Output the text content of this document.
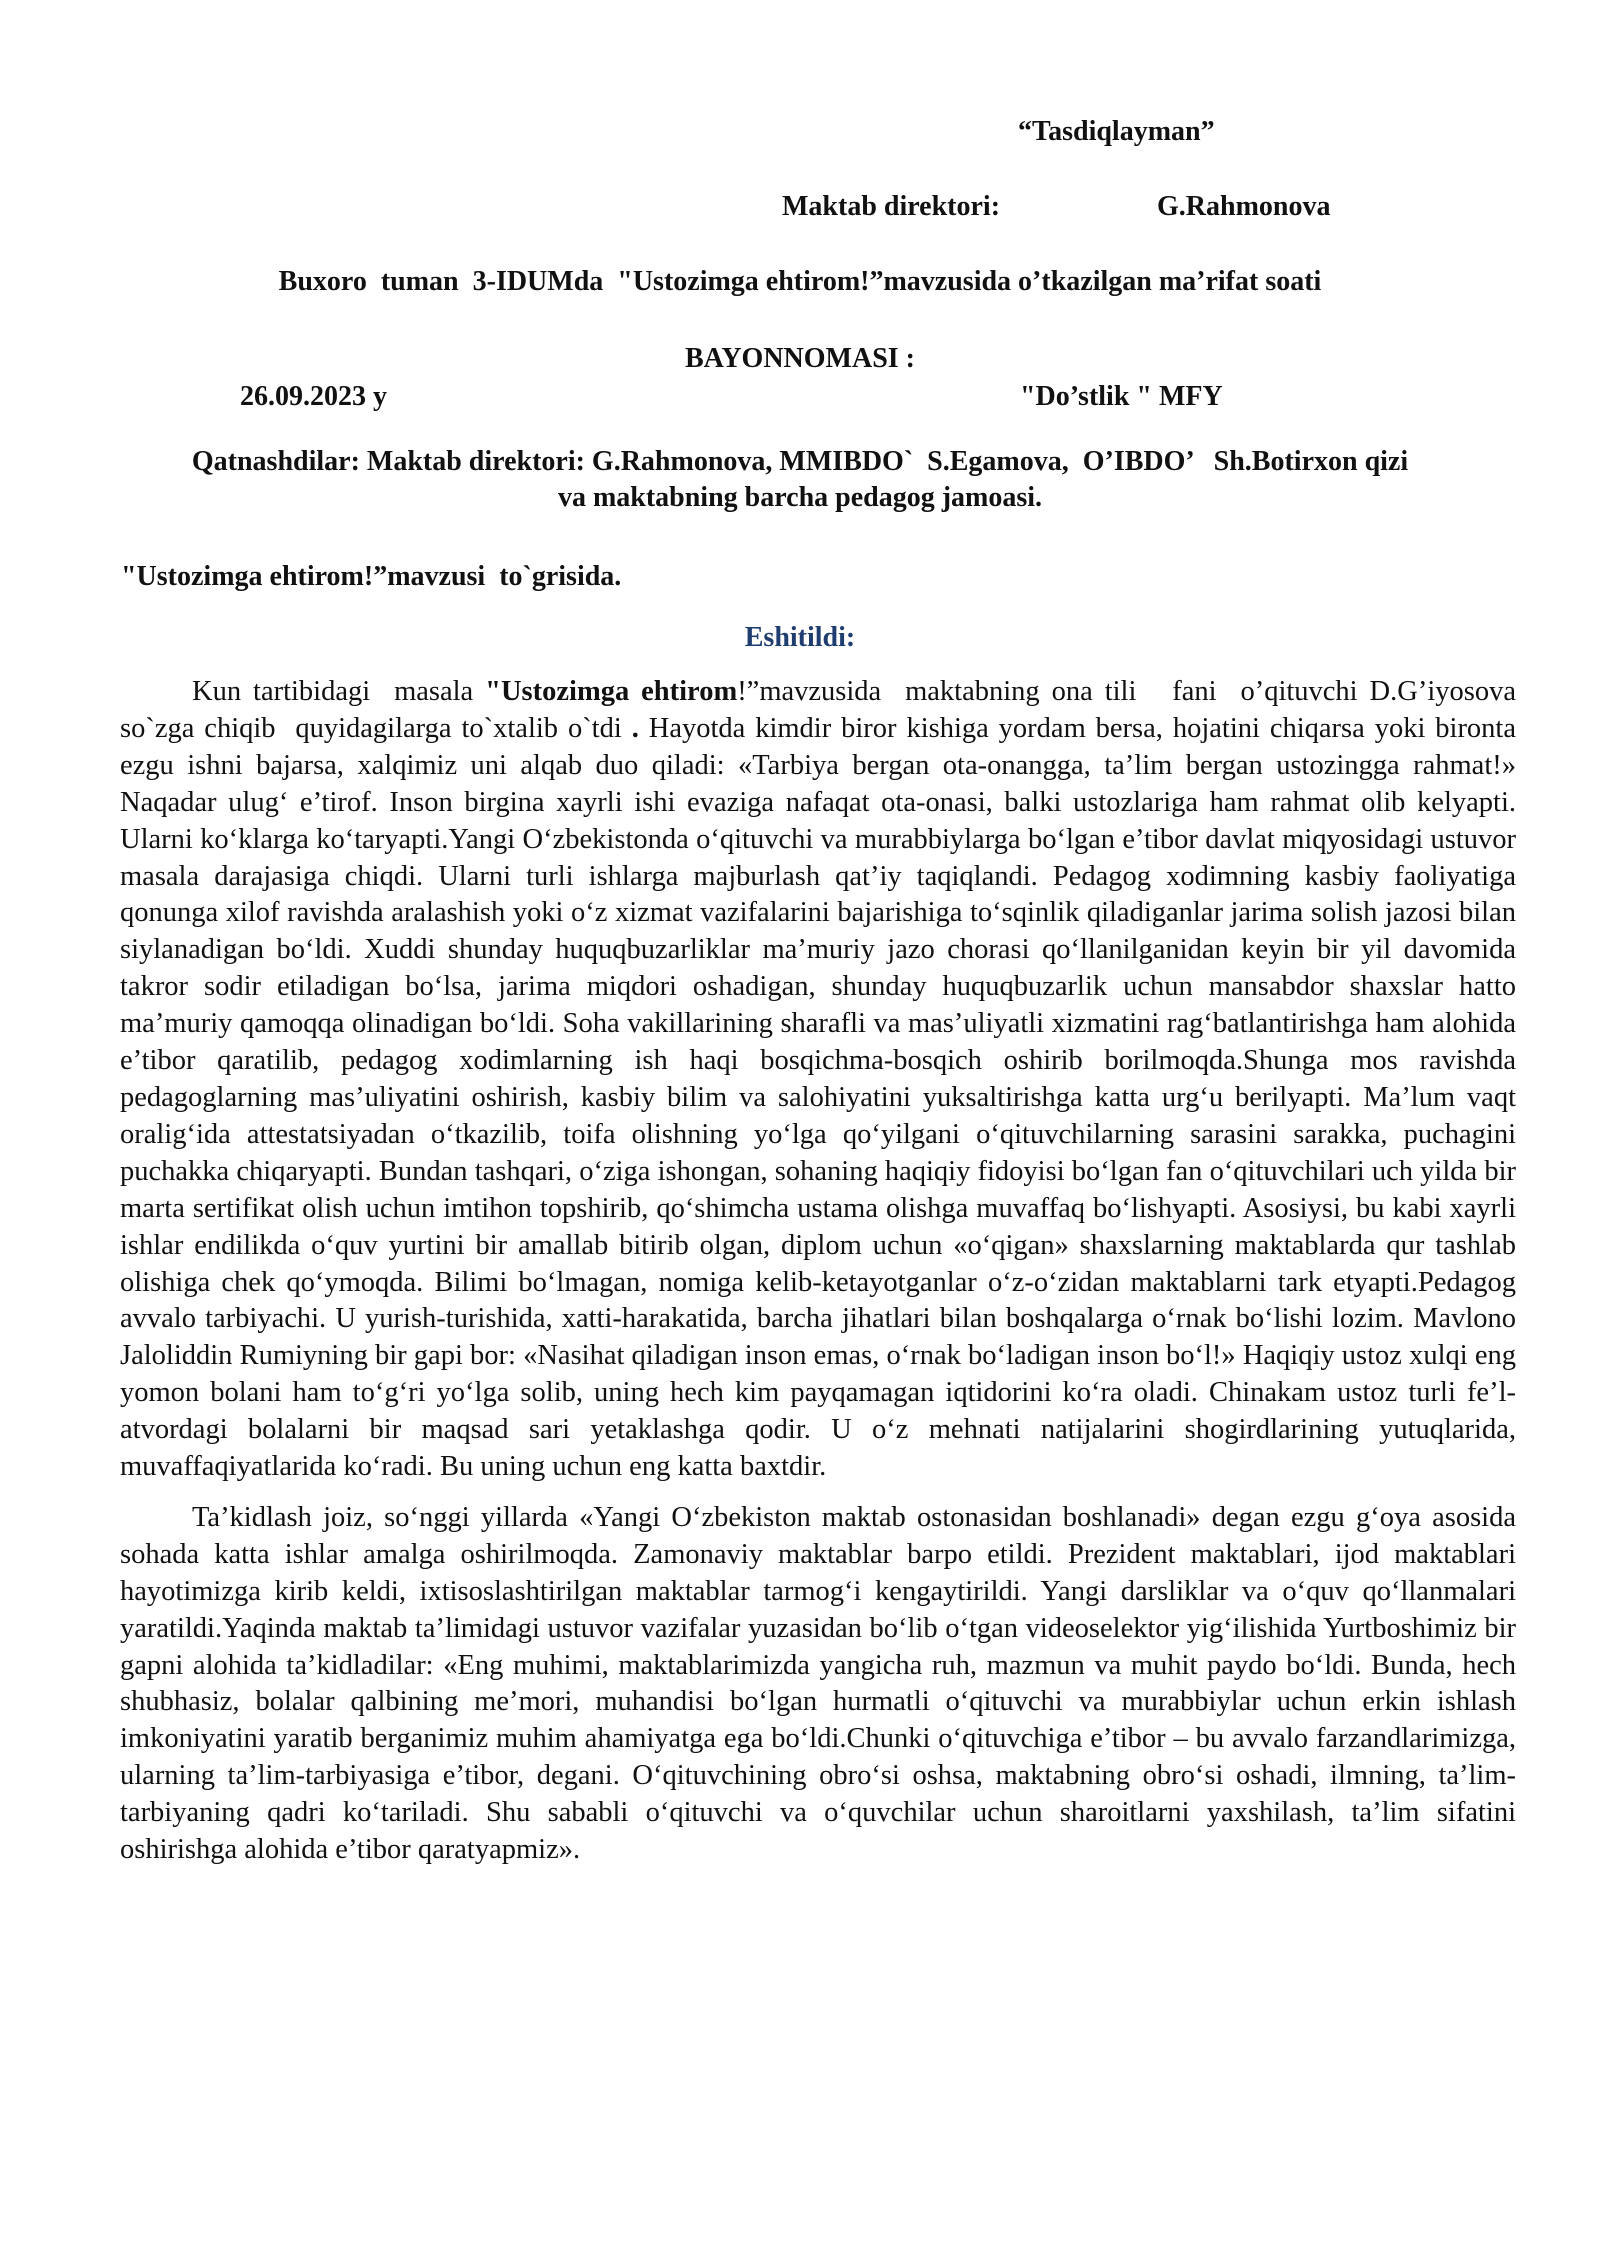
“Tasdiqlayman”
Maktab direktori:	G.Rahmonova
Buxoro  tuman  3-IDUMda  "Ustozimga ehtirom!”mavzusida o’tkazilgan ma’rifat soati
BAYONNOMASI :
26.09.2023 y	"Do’stlik " MFY
Qatnashdilar: Maktab direktori: G.Rahmonova, MMIBDO`  S.Egamova,  O’IBDO’   Sh.Botirxon qizi
va maktabning barcha pedagog jamoasi.
"Ustozimga ehtirom!”mavzusi  to`grisida.
Eshitildi:

Kun tartibidagi  masala "Ustozimga ehtirom!”mavzusida  maktabning ona tili   fani  o’qituvchi D.G’iyosova so`zga chiqib  quyidagilarga to`xtalib o`tdi . Hayotda kimdir biror kishiga yordam bersa, hojatini chiqarsa yoki bironta ezgu ishni bajarsa, xalqimiz uni alqab duo qiladi: «Tarbiya bergan ota-onangga, ta’lim bergan ustozingga rahmat!» Naqadar ulug‘ e’tirof. Inson birgina xayrli ishi evaziga nafaqat ota-onasi, balki ustozlariga ham rahmat olib kelyapti. Ularni ko‘klarga ko‘taryapti.Yangi O‘zbekistonda o‘qituvchi va murabbiylarga bo‘lgan e’tibor davlat miqyosidagi ustuvor masala darajasiga chiqdi. Ularni turli ishlarga majburlash qat’iy taqiqlandi. Pedagog xodimning kasbiy faoliyatiga qonunga xilof ravishda aralashish yoki o‘z xizmat vazifalarini bajarishiga to‘sqinlik qiladiganlar jarima solish jazosi bilan siylanadigan bo‘ldi. Xuddi shunday huquqbuzarliklar ma’muriy jazo chorasi qo‘llanilganidan keyin bir yil davomida takror sodir etiladigan bo‘lsa, jarima miqdori oshadigan, shunday huquqbuzarlik uchun mansabdor shaxslar hatto ma’muriy qamoqqa olinadigan bo‘ldi. Soha vakillarining sharafli va mas’uliyatli xizmatini rag‘batlantirishga ham alohida e’tibor qaratilib, pedagog xodimlarning ish haqi bosqichma-bosqich oshirib borilmoqda.Shunga mos ravishda pedagoglarning mas’uliyatini oshirish, kasbiy bilim va salohiyatini yuksaltirishga katta urg‘u berilyapti. Ma’lum vaqt oralig‘ida attestatsiyadan o‘tkazilib, toifa olishning yo‘lga qo‘yilgani o‘qituvchilarning sarasini sarakka, puchagini puchakka chiqaryapti. Bundan tashqari, o‘ziga ishongan, sohaning haqiqiy fidoyisi bo‘lgan fan o‘qituvchilari uch yilda bir marta sertifikat olish uchun imtihon topshirib, qo‘shimcha ustama olishga muvaffaq bo‘lishyapti. Asosiysi, bu kabi xayrli ishlar endilikda o‘quv yurtini bir amallab bitirib olgan, diplom uchun «o‘qigan» shaxslarning maktablarda qur tashlab olishiga chek qo‘ymoqda. Bilimi bo‘lmagan, nomiga kelib-ketayotganlar o‘z-o‘zidan maktablarni tark etyapti.Pedagog avvalo tarbiyachi. U yurish-turishida, xatti-harakatida, barcha jihatlari bilan boshqalarga o‘rnak bo‘lishi lozim. Mavlono Jaloliddin Rumiyning bir gapi bor: «Nasihat qiladigan inson emas, o‘rnak bo‘ladigan inson bo‘l!» Haqiqiy ustoz xulqi eng yomon bolani ham to‘g‘ri yo‘lga solib, uning hech kim payqamagan iqtidorini ko‘ra oladi. Chinakam ustoz turli fe’l-atvordagi bolalarni bir maqsad sari yetaklashga qodir. U o‘z mehnati natijalarini shogirdlarining yutuqlarida, muvaffaqiyatlarida ko‘radi. Bu uning uchun eng katta baxtdir.

Ta’kidlash joiz, so‘nggi yillarda «Yangi O‘zbekiston maktab ostonasidan boshlanadi» degan ezgu g‘oya asosida sohada katta ishlar amalga oshirilmoqda. Zamonaviy maktablar barpo etildi. Prezident maktablari, ijod maktablari hayotimizga kirib keldi, ixtisoslashtirilgan maktablar tarmog‘i kengaytirildi. Yangi darsliklar va o‘quv qo‘llanmalari yaratildi.Yaqinda maktab ta’limidagi ustuvor vazifalar yuzasidan bo‘lib o‘tgan videoselektor yig‘ilishida Yurtboshimiz bir gapni alohida ta’kidladilar: «Eng muhimi, maktablarimizda yangicha ruh, mazmun va muhit paydo bo‘ldi. Bunda, hech shubhasiz, bolalar qalbining me’mori, muhandisi bo‘lgan hurmatli o‘qituvchi va murabbiylar uchun erkin ishlash imkoniyatini yaratib berganimiz muhim ahamiyatga ega bo‘ldi.Chunki o‘qituvchiga e’tibor – bu avvalo farzandlarimizga, ularning ta’lim-tarbiyasiga e’tibor, degani. O‘qituvchining obro‘si oshsa, maktabning obro‘si oshadi, ilmning, ta’lim-tarbiyaning qadri ko‘tariladi. Shu sababli o‘qituvchi va o‘quvchilar uchun sharoitlarni yaxshilash, ta’lim sifatini oshirishga alohida e’tibor qaratyapmiz».
